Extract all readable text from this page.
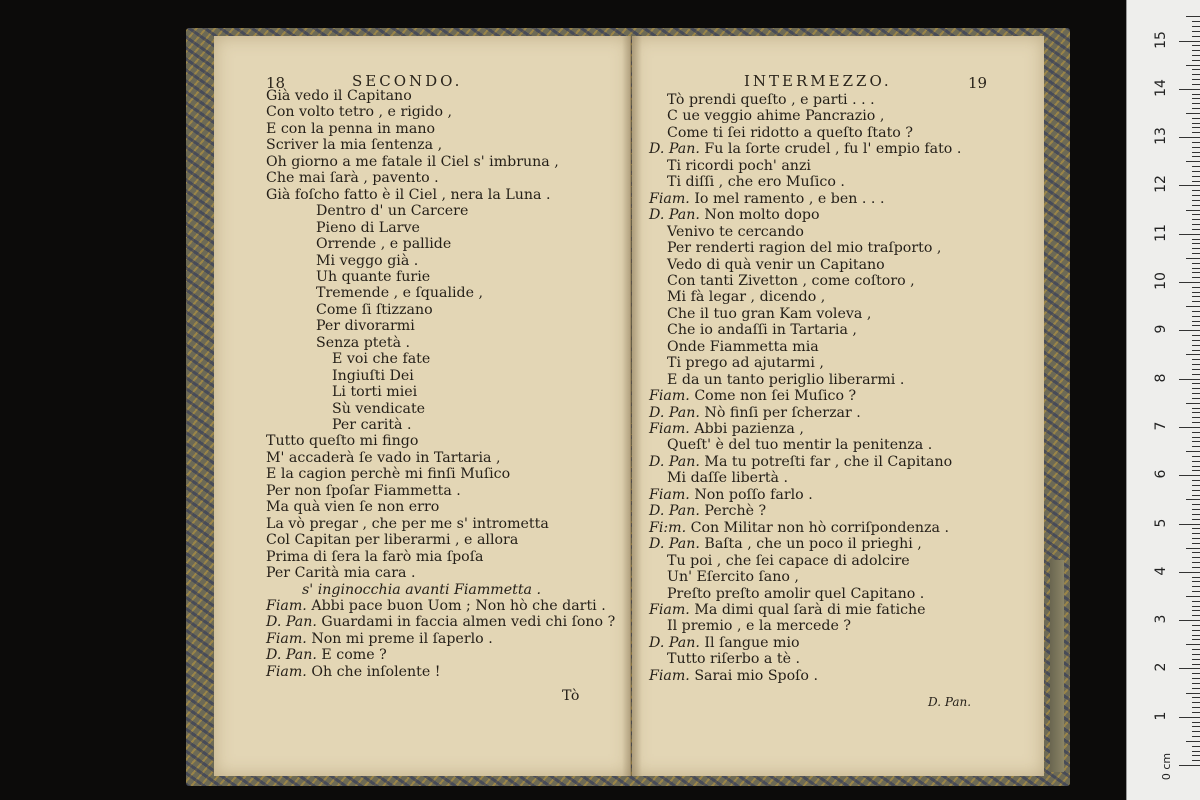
18	SECONDO.	INTERMEZZO.	19
Già vedo il Capitano
Con volto tetro , e rigido ,
E con la penna in mano
Scriver la mia ſentenza ,
Oh giorno a me fatale il Ciel s' imbruna ,
Che mai ſarà , pavento .
Già foſcho fatto è il Ciel , nera la Luna .
Dentro d' un Carcere
Pieno di Larve
Orrende , e pallide
Mi veggo già .
Uh quante furie
Tremende , e ſqualide ,
Come ſi ſtizzano
Per divorarmi
Senza ptetà .
E voi che fate
Ingiuſti Dei
Li torti miei
Sù vendicate
Per carità .
Tutto queſto mi fingo
M' accaderà ſe vado in Tartaria ,
E la cagion perchè mi finſi Muſico
Per non ſpoſar Fiammetta .
Ma quà vien ſe non erro
La vò pregar , che per me s' intrometta
Col Capitan per liberarmi , e allora
Prima di ſera la farò mia ſpoſa
Per Carità mia cara .
s' inginocchia avanti Fiammetta .
Fiam. Abbi pace buon Uom ; Non hò che darti .
D. Pan. Guardami in faccia almen vedi chi ſono ?
Fiam. Non mi preme il ſaperlo .
D. Pan. E come ?
Fiam. Oh che inſolente !
Tò prendi queſto , e parti . . .
C ue veggio ahime Pancrazio ,
Come ti ſei ridotto a queſto ſtato ?
D. Pan. Fu la ſorte crudel , fu l' empio fato .
Ti ricordi poch' anzi
Ti diſſi , che ero Muſico .
Fiam. Io mel ramento , e ben . . .
D. Pan. Non molto dopo
Venivo te cercando
Per renderti ragion del mio traſporto ,
Vedo di quà venir un Capitano
Con tanti Zivetton , come coſtoro ,
Mi fà legar , dicendo ,
Che il tuo gran Kam voleva ,
Che io andaſſi in Tartaria ,
Onde Fiammetta mia
Ti prego ad ajutarmi ,
E da un tanto periglio liberarmi .
Fiam. Come non ſei Muſico ?
D. Pan. Nò finſi per ſcherzar .
Fiam. Abbi pazienza ,
Queſt' è del tuo mentir la penitenza .
D. Pan. Ma tu potreſti far , che il Capitano
Mi daſſe libertà .
Fiam. Non poſſo farlo .
D. Pan. Perchè ?
Fi:m. Con Militar non hò corriſpondenza .
D. Pan. Baſta , che un poco il prieghi ,
Tu poi , che ſei capace di adolcire
Un' Eſercito ſano ,
Preſto preſto amolir quel Capitano .
Fiam. Ma dimi qual ſarà di mie fatiche
Il premio , e la mercede ?
D. Pan. Il ſangue mio
Tutto riſerbo a tè .
Fiam. Sarai mio Spoſo .
Tò	D. Pan.
0 cm
1
2
3
4
5
6
7
8
9
10
11
12
13
14
15
